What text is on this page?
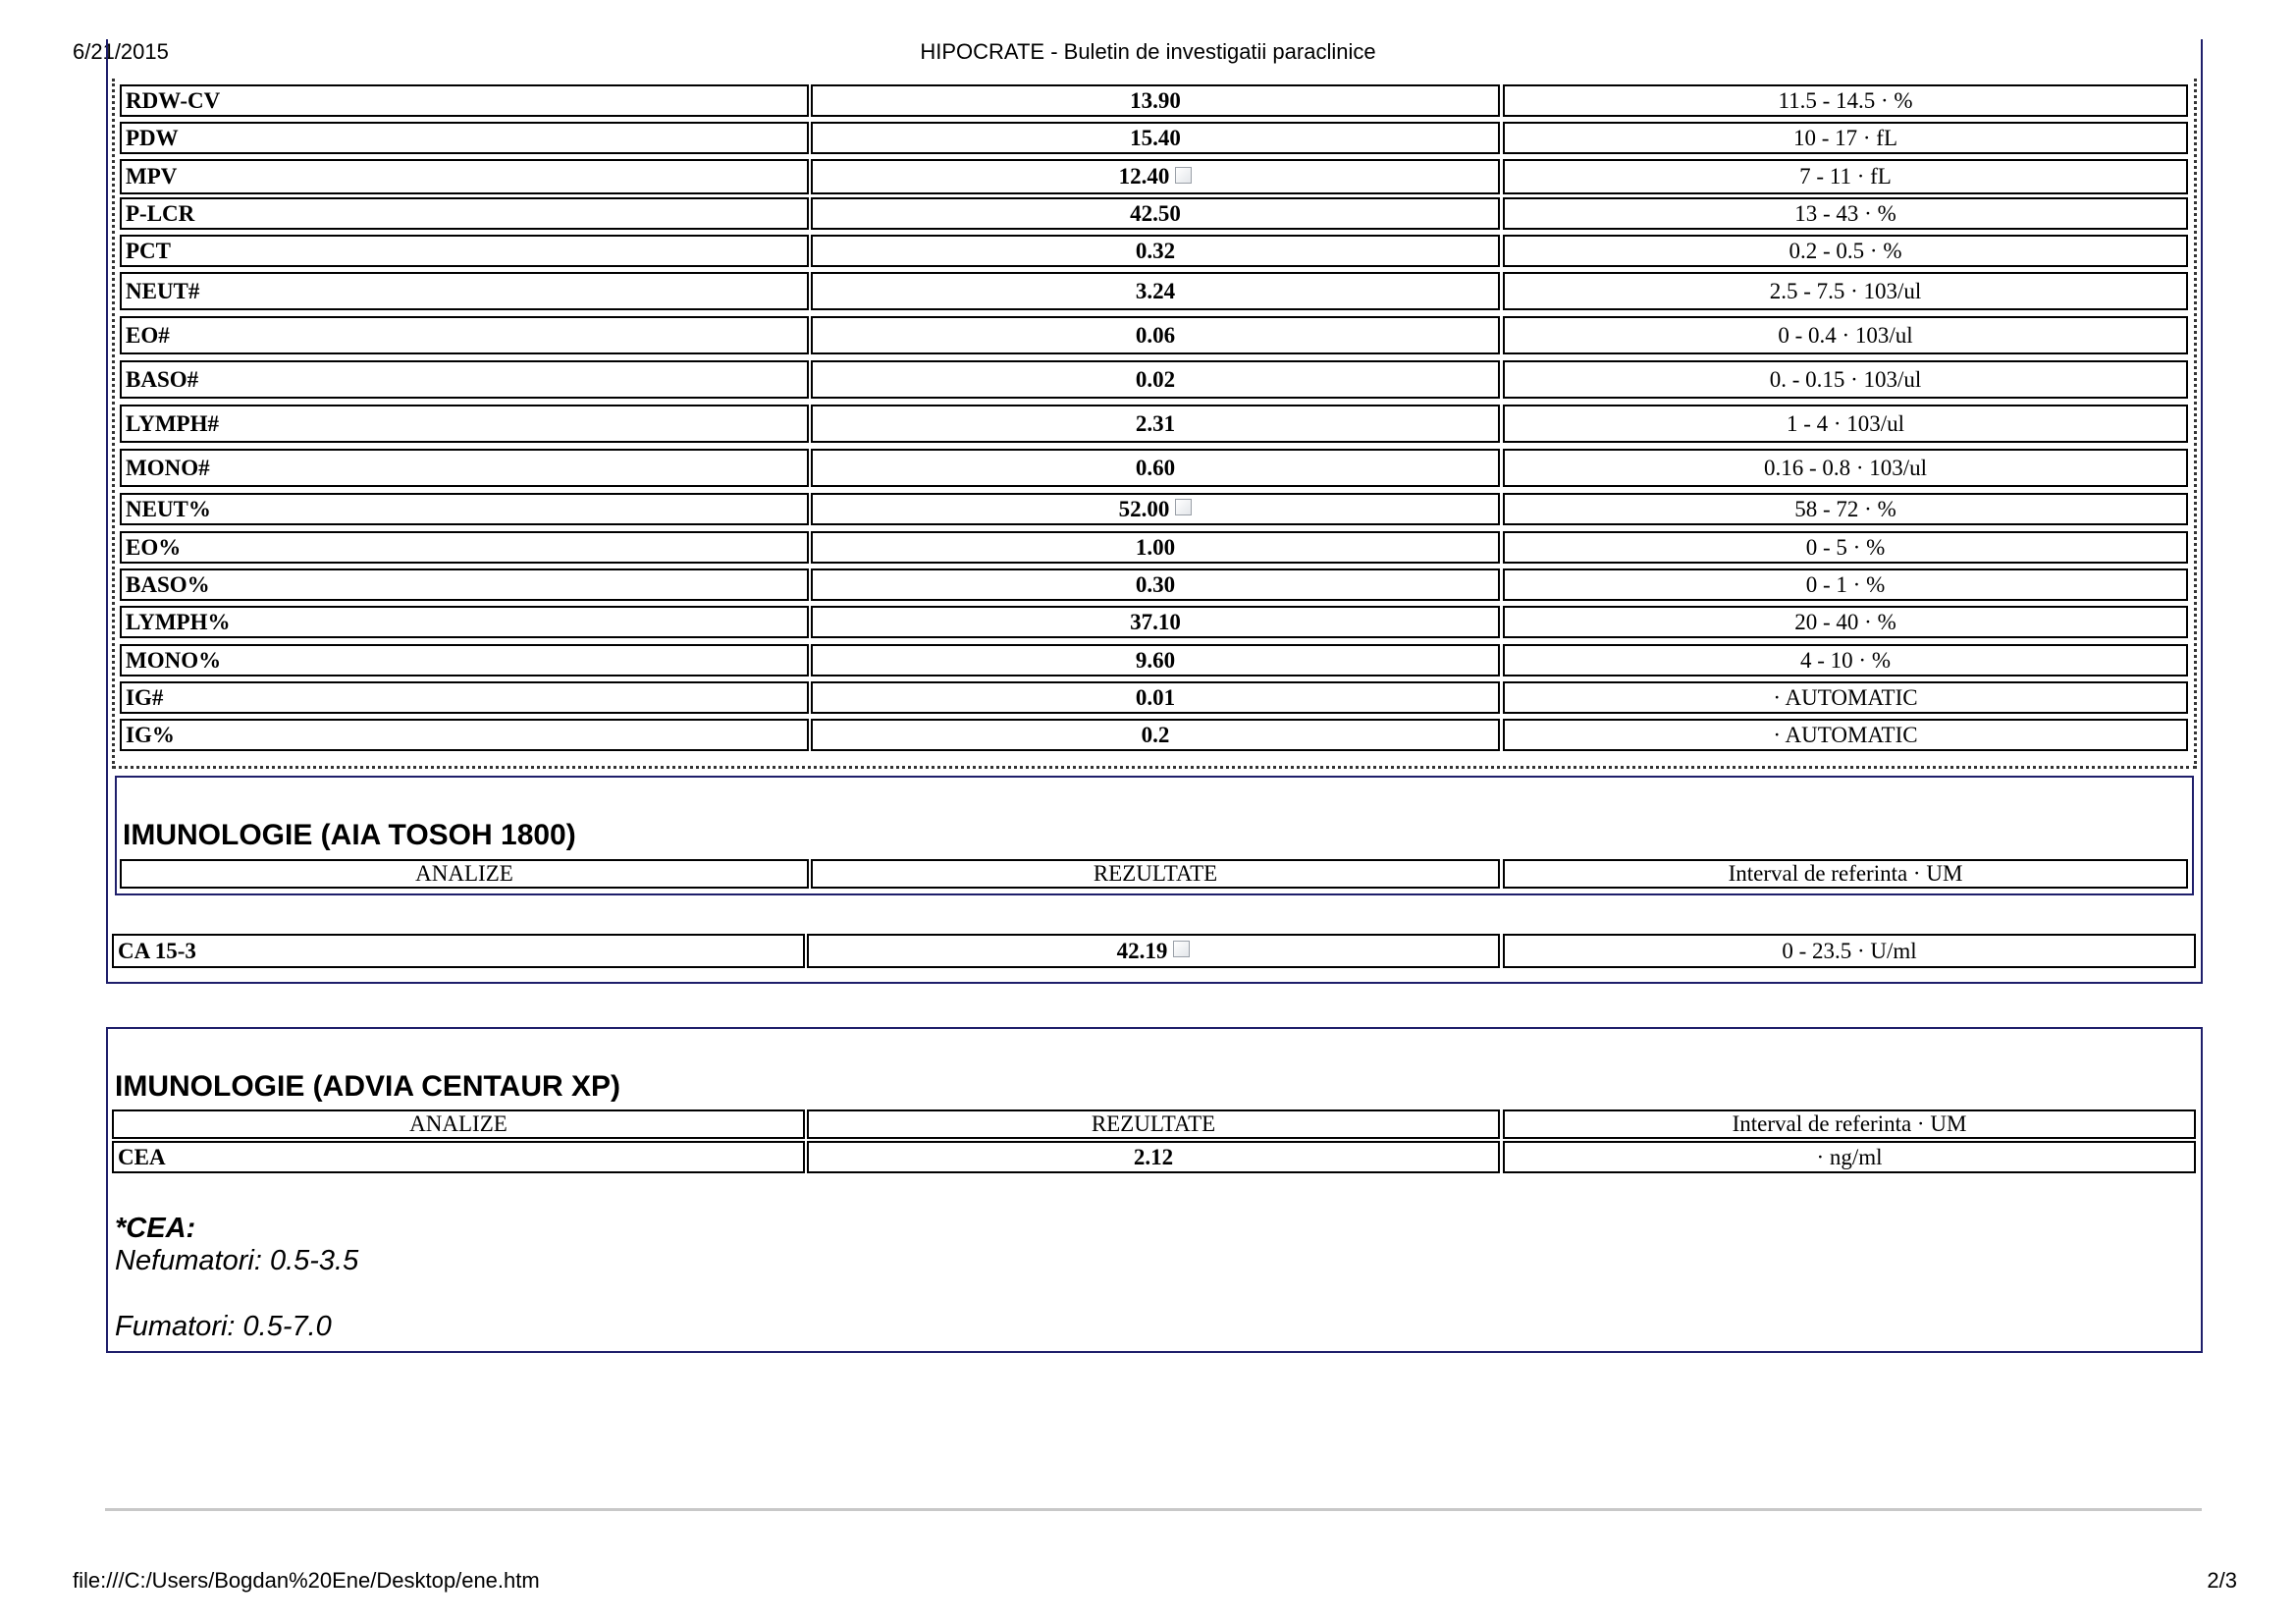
6/21/2015	HIPOCRATE - Buletin de investigatii paraclinice
RDW-CV	13.90	11.5 - 14.5 · %
PDW	15.40	10 - 17 · fL
MPV	12.40	7 - 11 · fL
P-LCR	42.50	13 - 43 · %
PCT	0.32	0.2 - 0.5 · %
NEUT#	3.24	2.5 - 7.5 · 103/ul
EO#	0.06	0 - 0.4 · 103/ul
BASO#	0.02	0. - 0.15 · 103/ul
LYMPH#	2.31	1 - 4 · 103/ul
MONO#	0.60	0.16 - 0.8 · 103/ul
NEUT%	52.00	58 - 72 · %
EO%	1.00	0 - 5 · %
BASO%	0.30	0 - 1 · %
LYMPH%	37.10	20 - 40 · %
MONO%	9.60	4 - 10 · %
IG#	0.01	· AUTOMATIC
IG%	0.2	· AUTOMATIC
IMUNOLOGIE (AIA TOSOH 1800)
ANALIZE	REZULTATE	Interval de referinta · UM
CA 15-3	42.19	0 - 23.5 · U/ml
IMUNOLOGIE (ADVIA CENTAUR XP)
ANALIZE	REZULTATE	Interval de referinta · UM
CEA	2.12	· ng/ml
*CEA:
Nefumatori: 0.5-3.5
Fumatori: 0.5-7.0
file:///C:/Users/Bogdan%20Ene/Desktop/ene.htm	2/3
